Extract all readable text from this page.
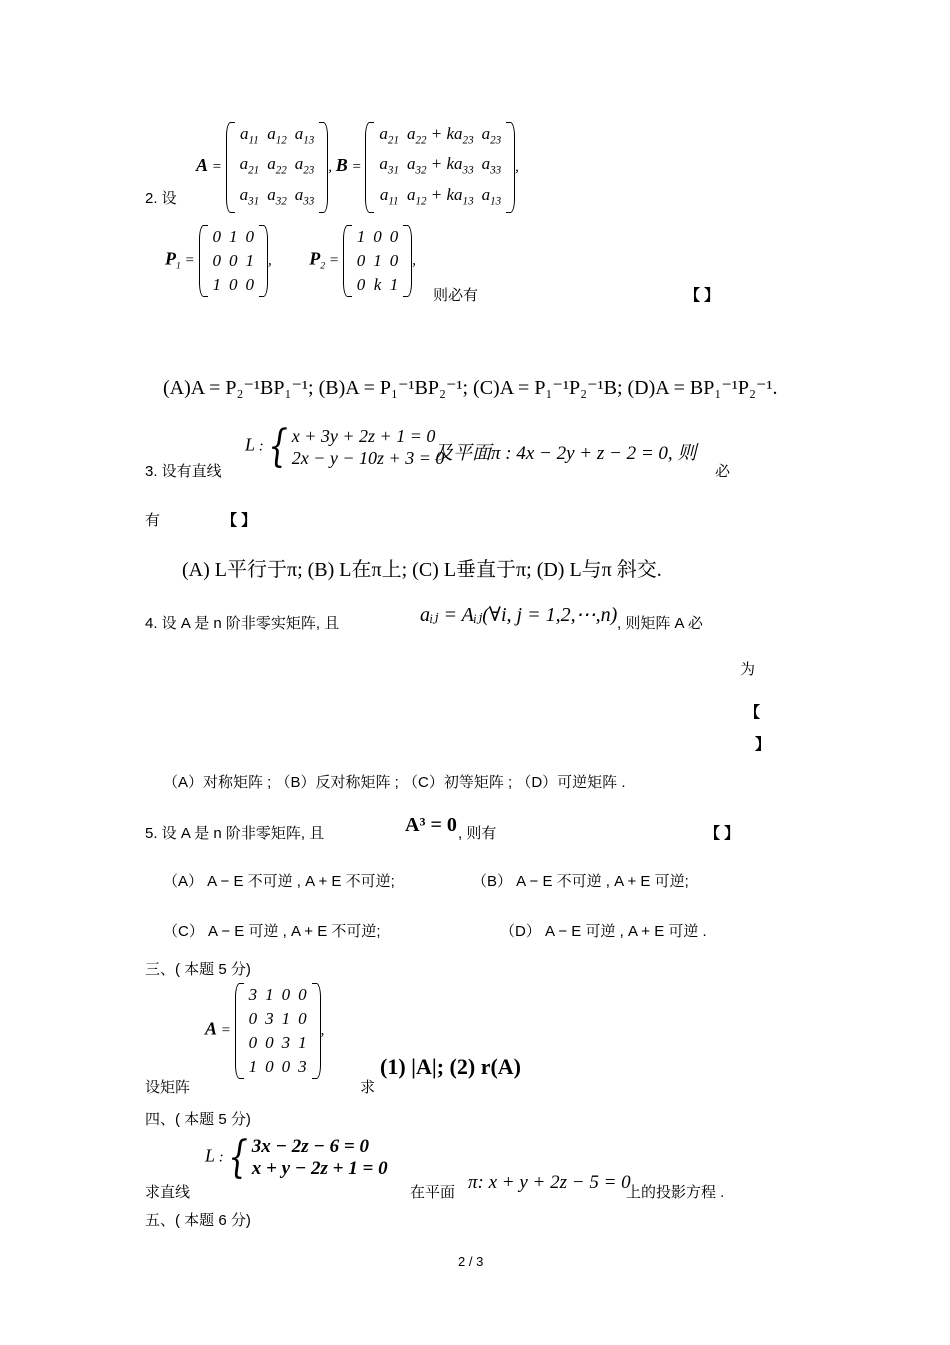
A =
$a_{11}$	$a_{12}$	$a_{13}$
$a_{21}$	$a_{22}$	$a_{23}$
$a_{31}$	$a_{32}$	$a_{33}$
, B =
$a_{21}$	$a_{22} + ka_{23}$	$a_{23}$
$a_{31}$	$a_{32} + ka_{33}$	$a_{33}$
$a_{11}$	$a_{12} + ka_{13}$	$a_{13}$
,
2. 设
$P_1$ =
0	1	0
0	0	1
1	0	0
,  $P_2$ =
1	0	0
0	1	0
0	k	1
,
则必有	【 】
(A)A = P₂⁻¹BP₁⁻¹; (B)A = P₁⁻¹BP₂⁻¹; (C)A = P₁⁻¹P₂⁻¹B; (D)A = BP₁⁻¹P₂⁻¹.
3. 设有直线
L :{ x + 3y + 2z + 1 = 0
2x − y − 10z + 3 = 0
及平面π : 4x − 2y + z − 2 = 0, 则
必
有	【 】
(A) L平行于π; (B) L在π上; (C) L垂直于π; (D) L与π 斜交.
4. 设 A 是 n 阶非零实矩阵, 且	aᵢⱼ = Aᵢⱼ(∀i, j = 1,2,⋯,n) , 则矩阵 A 必
为
【
】
（A）对称矩阵 ; （B）反对称矩阵 ; （C）初等矩阵 ; （D）可逆矩阵 .
5. 设 A 是 n 阶非零矩阵, 且	A³ = 0 , 则有	【 】
（A） A − E 不可逆 , A + E 不可逆;	（B） A − E 不可逆 , A + E 可逆;
（C） A − E 可逆 , A + E 不可逆;	（D） A − E 可逆 , A + E 可逆 .
三、( 本题 5 分)
A =
3	1	0	0
0	3	1	0
0	0	3	1
1	0	0	3
,
设矩阵	求
(1) |A|; (2) r(A)
四、( 本题 5 分)
求直线
L :{ 3x − 2z − 6 = 0
x + y − 2z + 1 = 0
在平面 π: x + y + 2z − 5 = 0
上的投影方程 .
五、( 本题 6 分)
2 / 3
